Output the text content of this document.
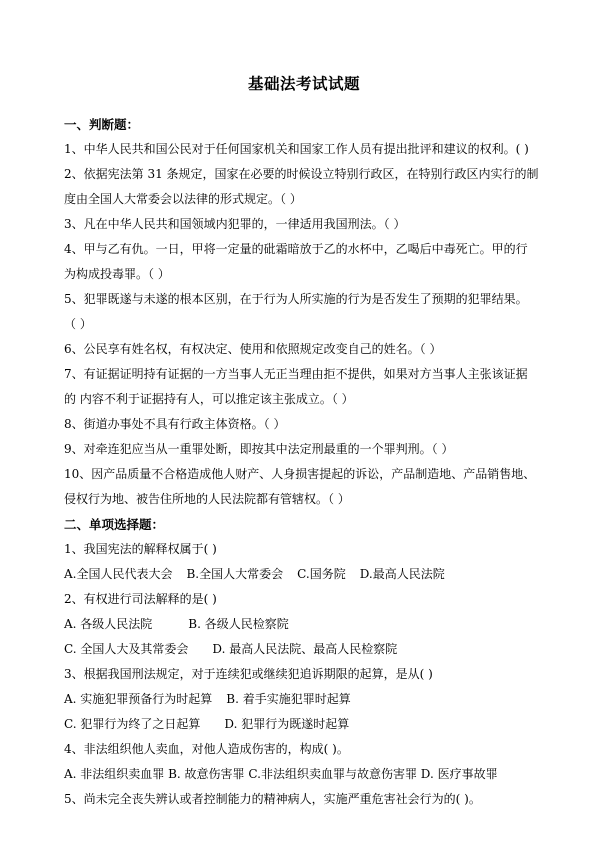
基础法考试试题
一、判断题：
1、中华人民共和国公民对于任何国家机关和国家工作人员有提出批评和建议的权利。( )
2、依据宪法第 31 条规定，国家在必要的时候设立特别行政区，在特别行政区内实行的制
度由全国人大常委会以法律的形式规定。（ ）
3、凡在中华人民共和国领域内犯罪的，一律适用我国刑法。（ ）
4、甲与乙有仇。一日，甲将一定量的砒霜暗放于乙的水杯中，乙喝后中毒死亡。甲的行
为构成投毒罪。（ ）
5、犯罪既遂与未遂的根本区别，在于行为人所实施的行为是否发生了预期的犯罪结果。
（ ）
6、公民享有姓名权，有权决定、使用和依照规定改变自己的姓名。（ ）
7、有证据证明持有证据的一方当事人无正当理由拒不提供，如果对方当事人主张该证据
的 内容不利于证据持有人，可以推定该主张成立。（ ）
8、街道办事处不具有行政主体资格。（ ）
9、对牵连犯应当从一重罪处断，即按其中法定刑最重的一个罪判刑。（ ）
10、因产品质量不合格造成他人财产、人身损害提起的诉讼，产品制造地、产品销售地、
侵权行为地、被告住所地的人民法院都有管辖权。（ ）
二、单项选择题：
1、我国宪法的解释权属于( )
A.全国人民代表大会 B.全国人大常委会 C.国务院 D.最高人民法院
2、有权进行司法解释的是( )
A. 各级人民法院	B. 各级人民检察院
C. 全国人大及其常委会 D. 最高人民法院、最高人民检察院
3、根据我国刑法规定，对于连续犯或继续犯追诉期限的起算，是从( )
A. 实施犯罪预备行为时起算 B. 着手实施犯罪时起算
C. 犯罪行为终了之日起算 D. 犯罪行为既遂时起算
4、非法组织他人卖血，对他人造成伤害的，构成( )。
A. 非法组织卖血罪 B. 故意伤害罪 C.非法组织卖血罪与故意伤害罪 D. 医疗事故罪
5、尚未完全丧失辨认或者控制能力的精神病人，实施严重危害社会行为的( )。
